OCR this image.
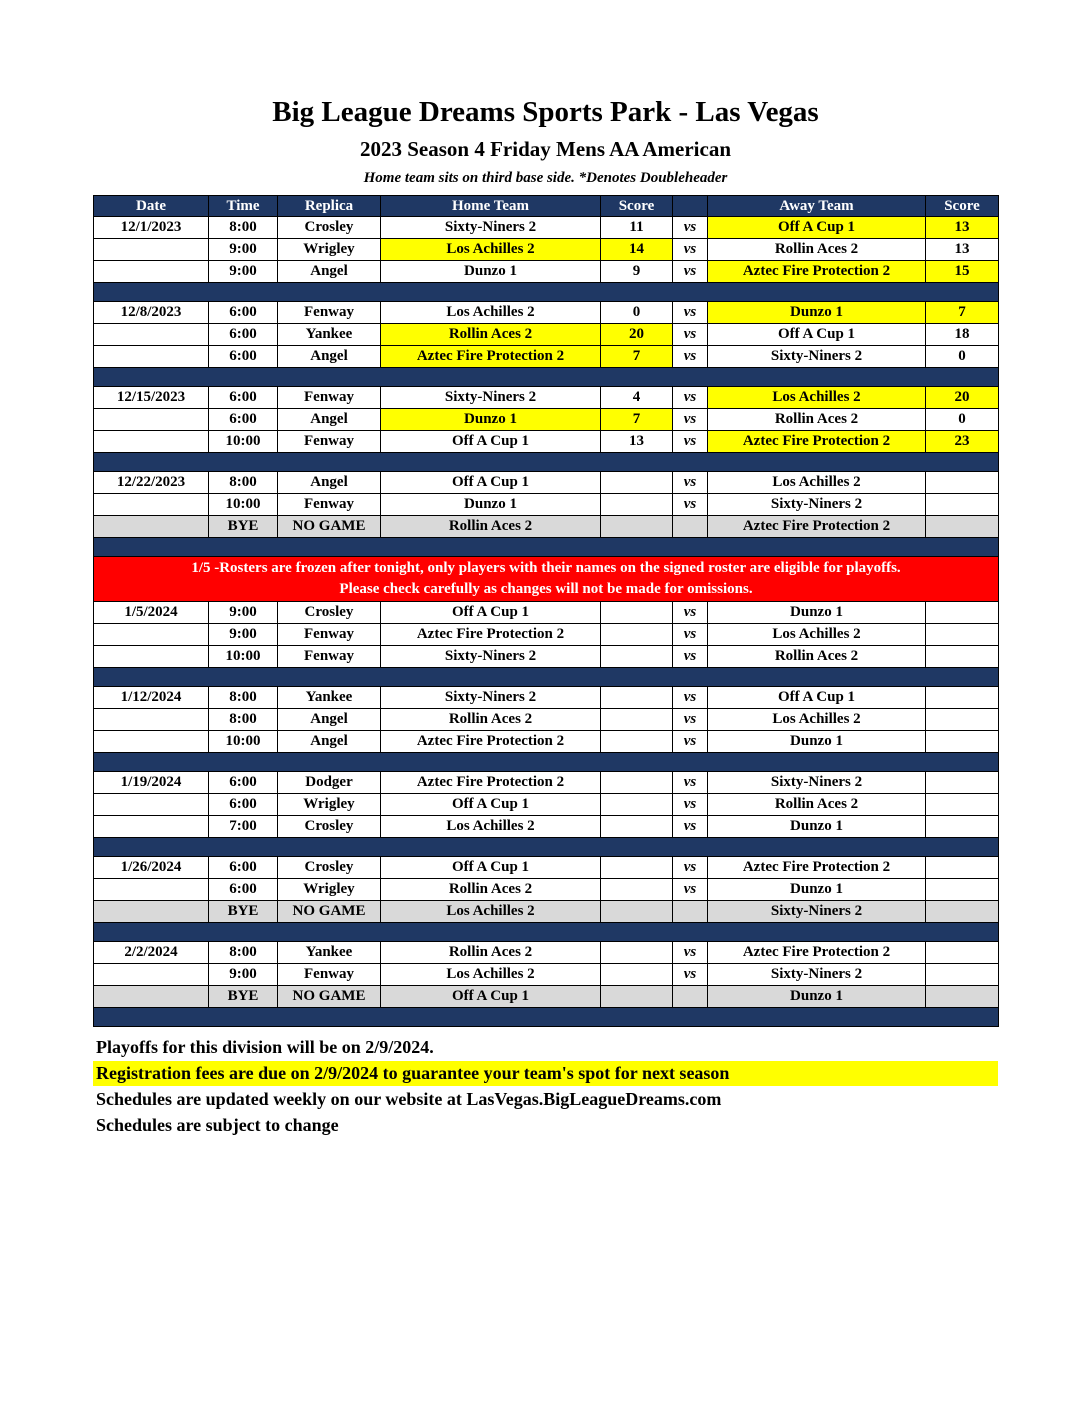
Big League Dreams Sports Park - Las Vegas
2023 Season 4 Friday Mens AA American
Home team sits on third base side. *Denotes Doubleheader
Date	Time	Replica	Home Team	Score		Away Team	Score
12/1/2023	8:00	Crosley	Sixty-Niners 2	11	vs	Off A Cup 1	13
	9:00	Wrigley	Los Achilles 2	14	vs	Rollin Aces 2	13
	9:00	Angel	Dunzo 1	9	vs	Aztec Fire Protection 2	15

12/8/2023	6:00	Fenway	Los Achilles 2	0	vs	Dunzo 1	7
	6:00	Yankee	Rollin Aces 2	20	vs	Off A Cup 1	18
	6:00	Angel	Aztec Fire Protection 2	7	vs	Sixty-Niners 2	0

12/15/2023	6:00	Fenway	Sixty-Niners 2	4	vs	Los Achilles 2	20
	6:00	Angel	Dunzo 1	7	vs	Rollin Aces 2	0
	10:00	Fenway	Off A Cup 1	13	vs	Aztec Fire Protection 2	23

12/22/2023	8:00	Angel	Off A Cup 1		vs	Los Achilles 2	
	10:00	Fenway	Dunzo 1		vs	Sixty-Niners 2	
	BYE	NO GAME	Rollin Aces 2			Aztec Fire Protection 2	

1/5 -Rosters are frozen after tonight, only players with their names on the signed roster are eligible for playoffs.
Please check carefully as changes will not be made for omissions.							

1/5/2024	9:00	Crosley	Off A Cup 1		vs	Dunzo 1	
	9:00	Fenway	Aztec Fire Protection 2		vs	Los Achilles 2	
	10:00	Fenway	Sixty-Niners 2		vs	Rollin Aces 2	

1/12/2024	8:00	Yankee	Sixty-Niners 2		vs	Off A Cup 1	
	8:00	Angel	Rollin Aces 2		vs	Los Achilles 2	
	10:00	Angel	Aztec Fire Protection 2		vs	Dunzo 1	

1/19/2024	6:00	Dodger	Aztec Fire Protection 2		vs	Sixty-Niners 2	
	6:00	Wrigley	Off A Cup 1		vs	Rollin Aces 2	
	7:00	Crosley	Los Achilles 2		vs	Dunzo 1	

1/26/2024	6:00	Crosley	Off A Cup 1		vs	Aztec Fire Protection 2	
	6:00	Wrigley	Rollin Aces 2		vs	Dunzo 1	
	BYE	NO GAME	Los Achilles 2			Sixty-Niners 2	

2/2/2024	8:00	Yankee	Rollin Aces 2		vs	Aztec Fire Protection 2	
	9:00	Fenway	Los Achilles 2		vs	Sixty-Niners 2	
	BYE	NO GAME	Off A Cup 1			Dunzo 1	

Playoffs for this division will be on 2/9/2024.
Registration fees are due on 2/9/2024 to guarantee your team's spot for next season
Schedules are updated weekly on our website at LasVegas.BigLeagueDreams.com
Schedules are subject to change
